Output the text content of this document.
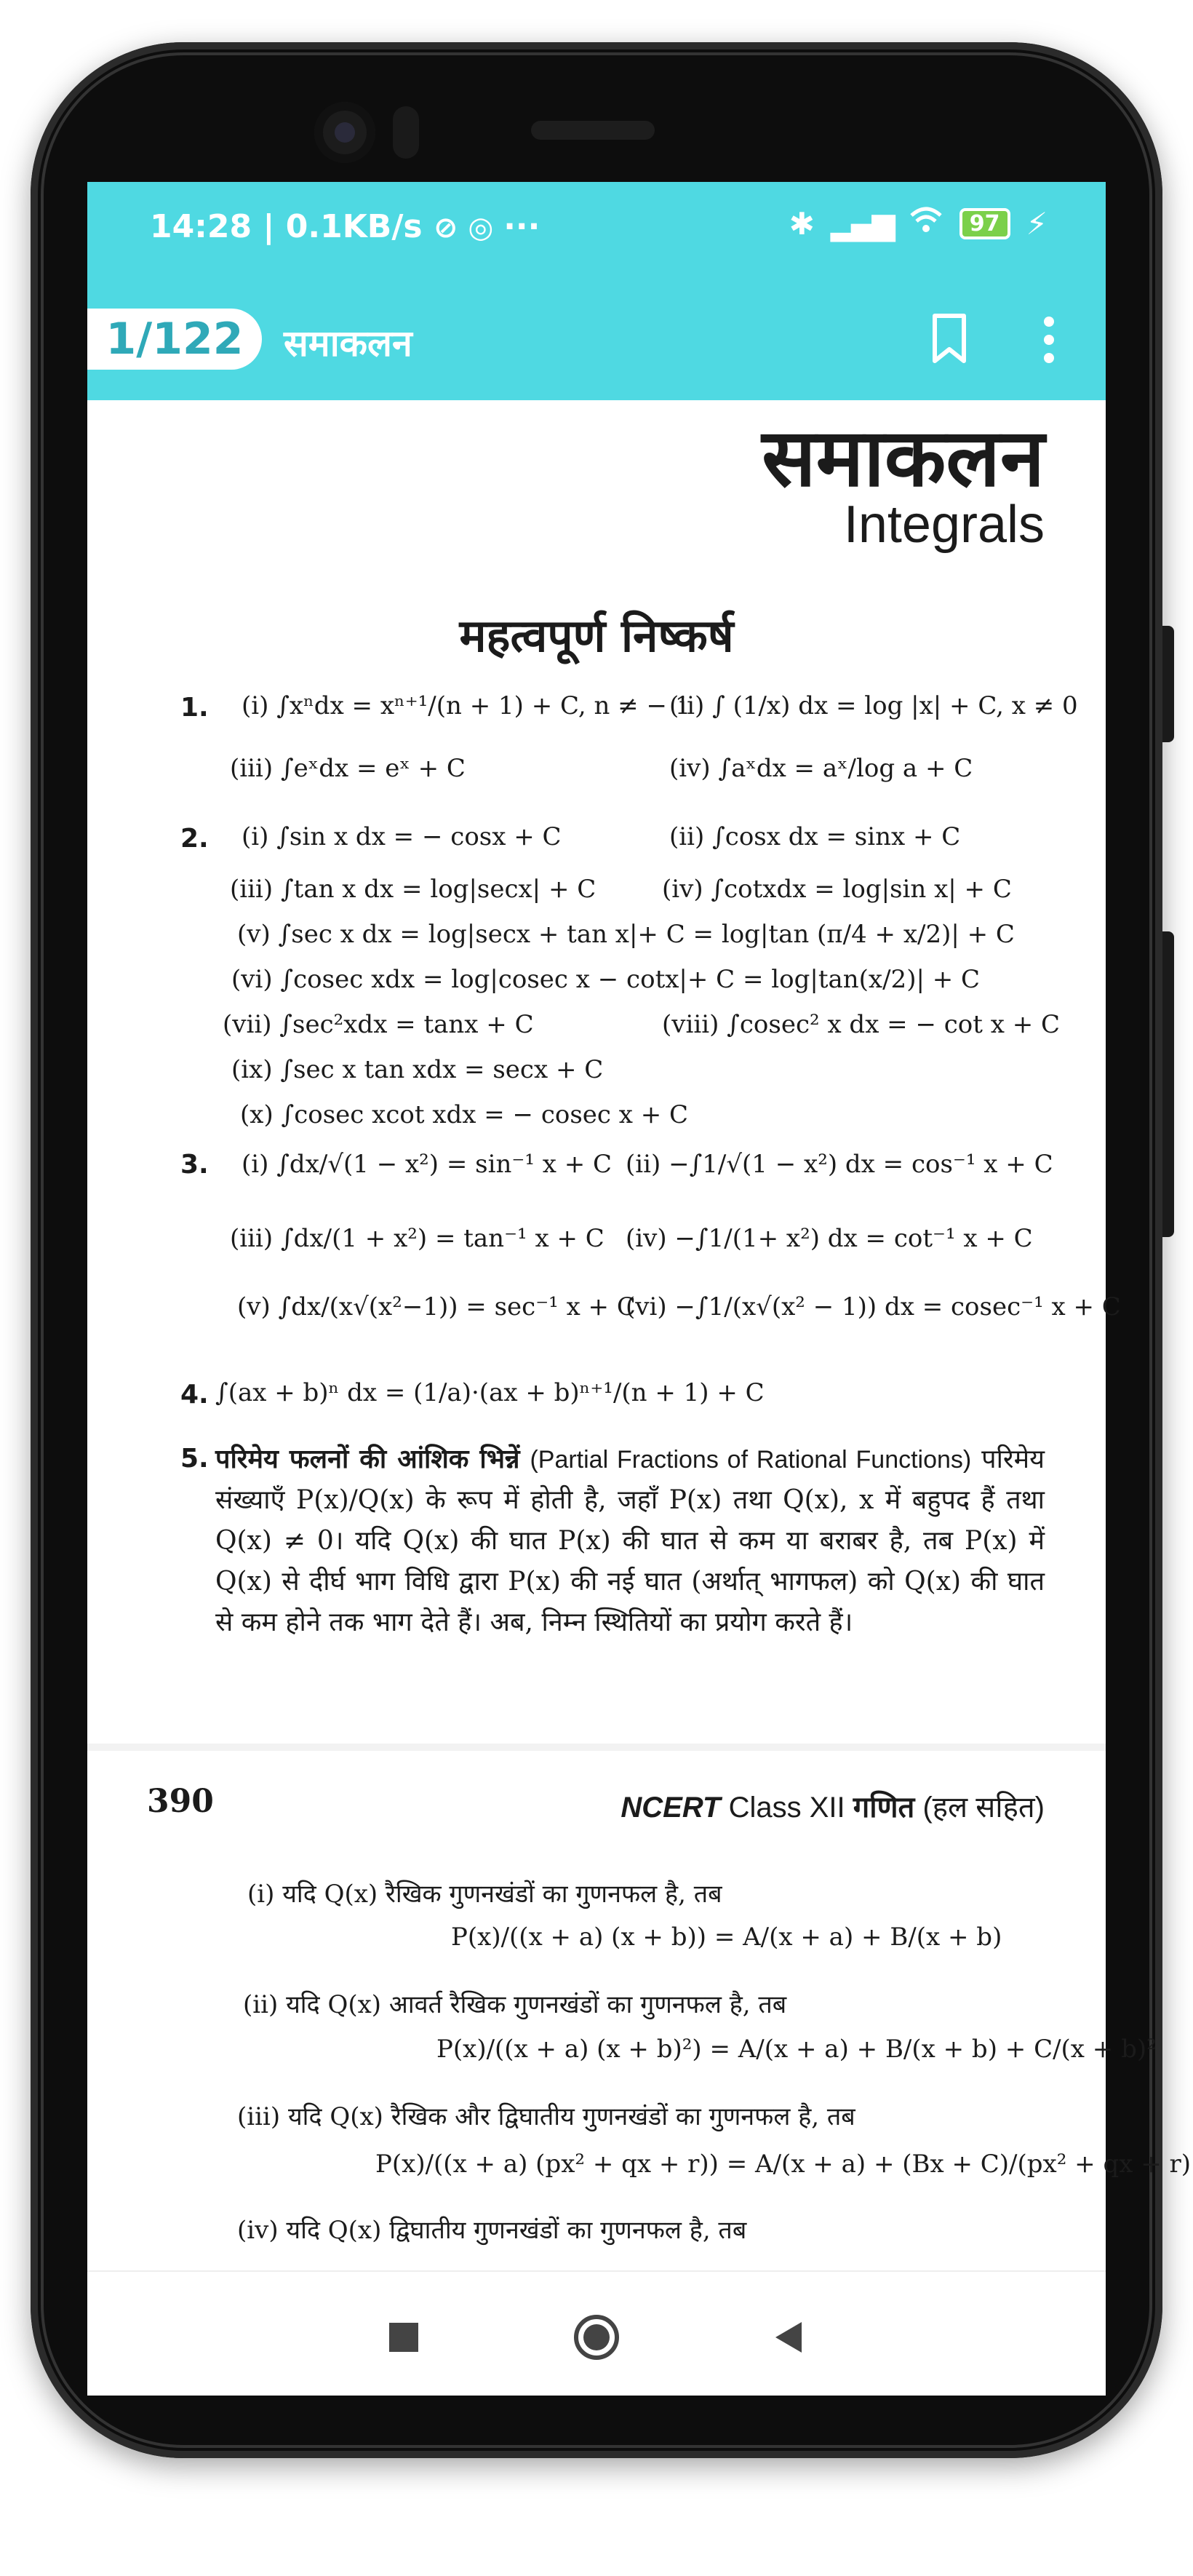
14:28 | 0.1KB/s ⊘ ◎ ···	✱ ▂▄▆	97 ⚡
1/122	समाकलन
समाकलन
Integrals
महत्वपूर्ण निष्कर्ष
1. (i) ∫xⁿdx = xⁿ⁺¹/(n + 1) + C, n ≠ − 1
(ii) ∫ (1/x) dx = log |x| + C, x ≠ 0
(iii) ∫eˣdx = eˣ + C	(iv) ∫aˣdx = aˣ/log a + C
2. (i) ∫sin x dx = − cosx + C	(ii) ∫cosx dx = sinx + C
(iii) ∫tan x dx = log|secx| + C	(iv) ∫cotxdx = log|sin x| + C
(v) ∫sec x dx = log|secx + tan x|+ C = log|tan (π/4 + x/2)| + C
(vi) ∫cosec xdx = log|cosec x − cotx|+ C = log|tan(x/2)| + C
(vii) ∫sec²xdx = tanx + C	(viii) ∫cosec² x dx = − cot x + C
(ix) ∫sec x tan xdx = secx + C
(x) ∫cosec xcot xdx = − cosec x + C
3. (i) ∫dx/√(1 − x²) = sin⁻¹ x + C (ii) −∫1/√(1 − x²) dx = cos⁻¹ x + C
(iii) ∫dx/(1 + x²) = tan⁻¹ x + C (iv) −∫1/(1+ x²) dx = cot⁻¹ x + C
(v) ∫dx/(x√(x²−1)) = sec⁻¹ x + C
(vi) −∫1/(x√(x² − 1)) dx = cosec⁻¹ x + C
4. ∫(ax + b)ⁿ dx = (1/a)·(ax + b)ⁿ⁺¹/(n + 1) + C
5. परिमेय फलनों की आंशिक भिन्नें (Partial Fractions of Rational Functions) परिमेय संख्याएँ P(x)/Q(x) के रूप में होती है, जहाँ P(x) तथा Q(x), x में बहुपद हैं तथा Q(x) ≠ 0। यदि Q(x) की घात P(x) की घात से कम या बराबर है, तब P(x) में Q(x) से दीर्घ भाग विधि द्वारा P(x) की नई घात (अर्थात् भागफल) को Q(x) की घात से कम होने तक भाग देते हैं। अब, निम्न स्थितियों का प्रयोग करते हैं।
390	NCERT Class XII गणित (हल सहित)
(i) यदि Q(x) रैखिक गुणनखंडों का गुणनफल है, तब
P(x)/((x + a) (x + b)) = A/(x + a) + B/(x + b)
(ii) यदि Q(x) आवर्त रैखिक गुणनखंडों का गुणनफल है, तब
P(x)/((x + a) (x + b)²) = A/(x + a) + B/(x + b) + C/(x + b)²
(iii) यदि Q(x) रैखिक और द्विघातीय गुणनखंडों का गुणनफल है, तब
P(x)/((x + a) (px² + qx + r)) = A/(x + a) + (Bx + C)/(px² + qx + r)
(iv) यदि Q(x) द्विघातीय गुणनखंडों का गुणनफल है, तब
